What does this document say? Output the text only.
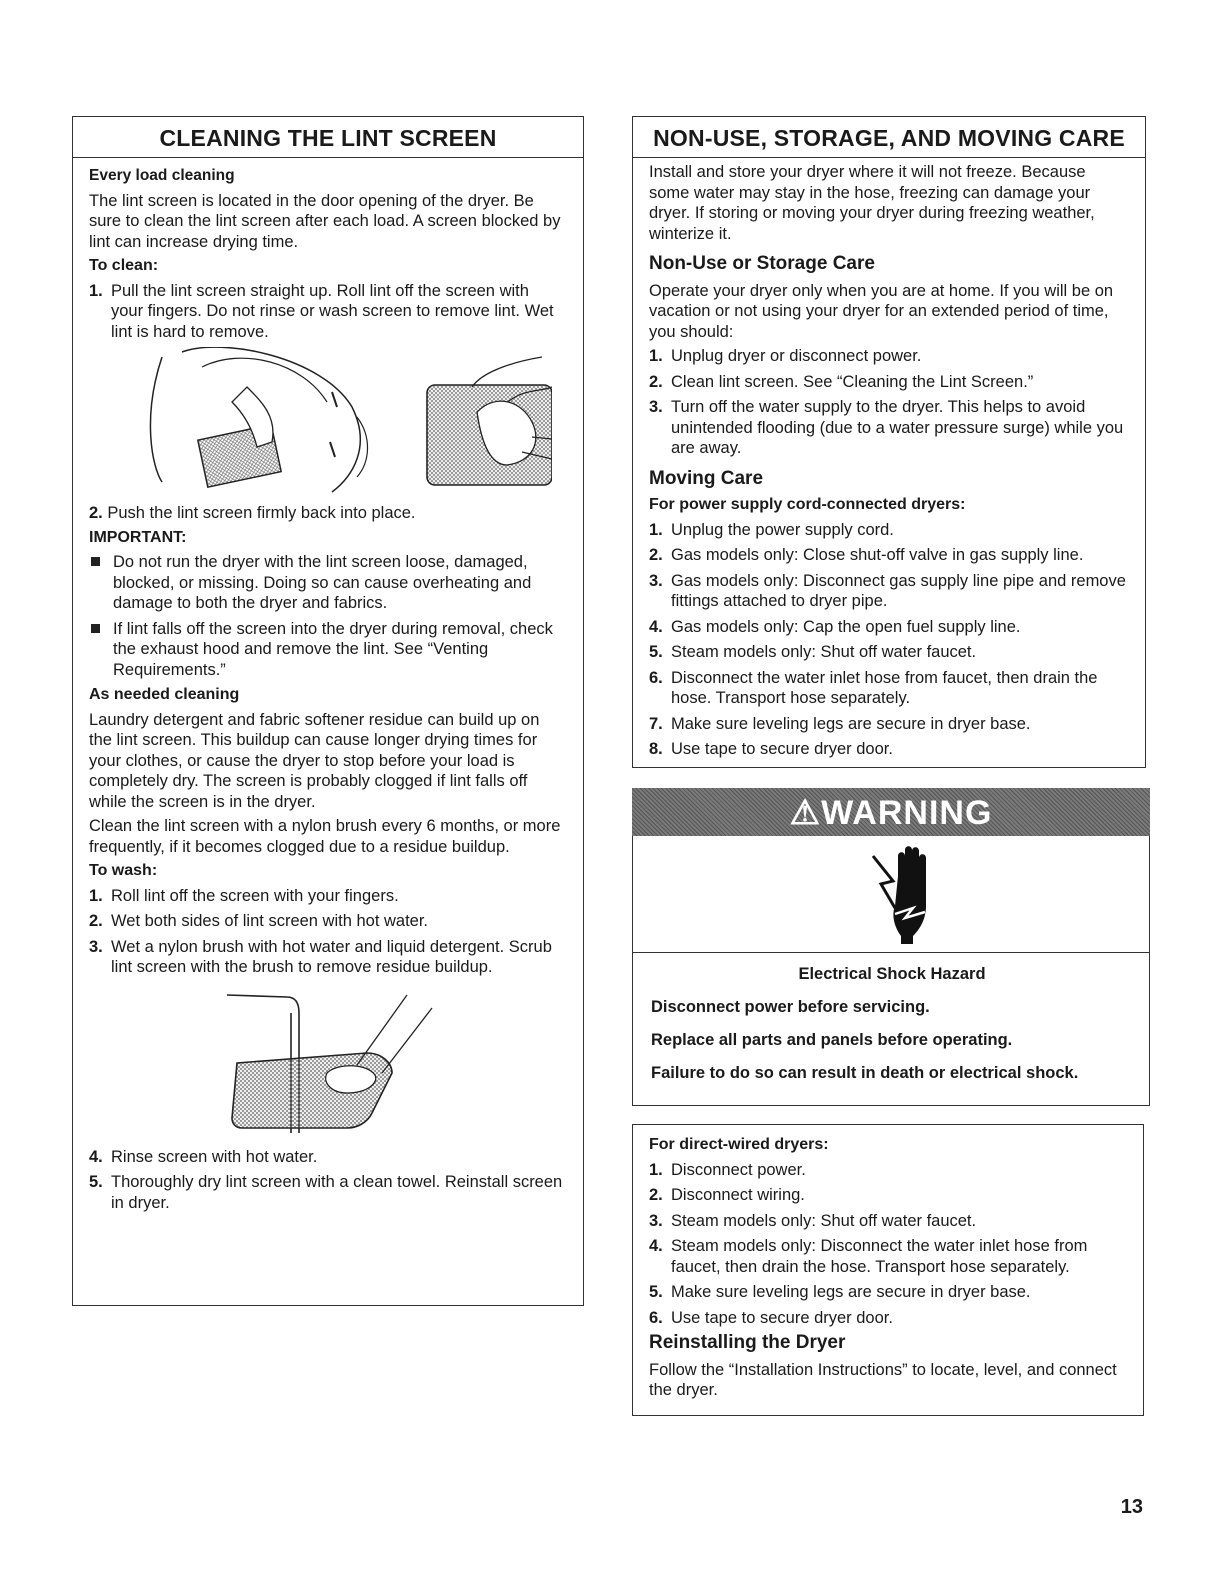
CLEANING THE LINT SCREEN
Every load cleaning

The lint screen is located in the door opening of the dryer. Be sure to clean the lint screen after each load. A screen blocked by lint can increase drying time.

To clean:
1. Pull the lint screen straight up. Roll lint off the screen with your fingers. Do not rinse or wash screen to remove lint. Wet lint is hard to remove.

2. Push the lint screen firmly back into place.

IMPORTANT:
Do not run the dryer with the lint screen loose, damaged, blocked, or missing. Doing so can cause overheating and damage to both the dryer and fabrics.
If lint falls off the screen into the dryer during removal, check the exhaust hood and remove the lint. See “Venting Requirements.”
As needed cleaning

Laundry detergent and fabric softener residue can build up on the lint screen. This buildup can cause longer drying times for your clothes, or cause the dryer to stop before your load is completely dry. The screen is probably clogged if lint falls off while the screen is in the dryer.

Clean the lint screen with a nylon brush every 6 months, or more frequently, if it becomes clogged due to a residue buildup.

To wash:
1. Roll lint off the screen with your fingers.
2. Wet both sides of lint screen with hot water.
3. Wet a nylon brush with hot water and liquid detergent. Scrub lint screen with the brush to remove residue buildup.
4. Rinse screen with hot water.
5. Thoroughly dry lint screen with a clean towel. Reinstall screen in dryer.
NON-USE, STORAGE, AND MOVING CARE

Install and store your dryer where it will not freeze. Because some water may stay in the hose, freezing can damage your dryer. If storing or moving your dryer during freezing weather, winterize it.

Non-Use or Storage Care

Operate your dryer only when you are at home. If you will be on vacation or not using your dryer for an extended period of time, you should:

1. Unplug dryer or disconnect power.
2. Clean lint screen. See “Cleaning the Lint Screen.”
3. Turn off the water supply to the dryer. This helps to avoid unintended flooding (due to a water pressure surge) while you are away.
Moving Care
For power supply cord-connected dryers:
1. Unplug the power supply cord.
2. Gas models only: Close shut-off valve in gas supply line.
3. Gas models only: Disconnect gas supply line pipe and remove fittings attached to dryer pipe.
4. Gas models only: Cap the open fuel supply line.
5. Steam models only: Shut off water faucet.
6. Disconnect the water inlet hose from faucet, then drain the hose. Transport hose separately.
7. Make sure leveling legs are secure in dryer base.
8. Use tape to secure dryer door.
⚠WARNING

Electrical Shock Hazard

Disconnect power before servicing.

Replace all parts and panels before operating.

Failure to do so can result in death or electrical shock.

For direct-wired dryers:
1. Disconnect power.
2. Disconnect wiring.
3. Steam models only: Shut off water faucet.
4. Steam models only: Disconnect the water inlet hose from faucet, then drain the hose. Transport hose separately.
5. Make sure leveling legs are secure in dryer base.
6. Use tape to secure dryer door.
Reinstalling the Dryer

Follow the “Installation Instructions” to locate, level, and connect the dryer.

13
